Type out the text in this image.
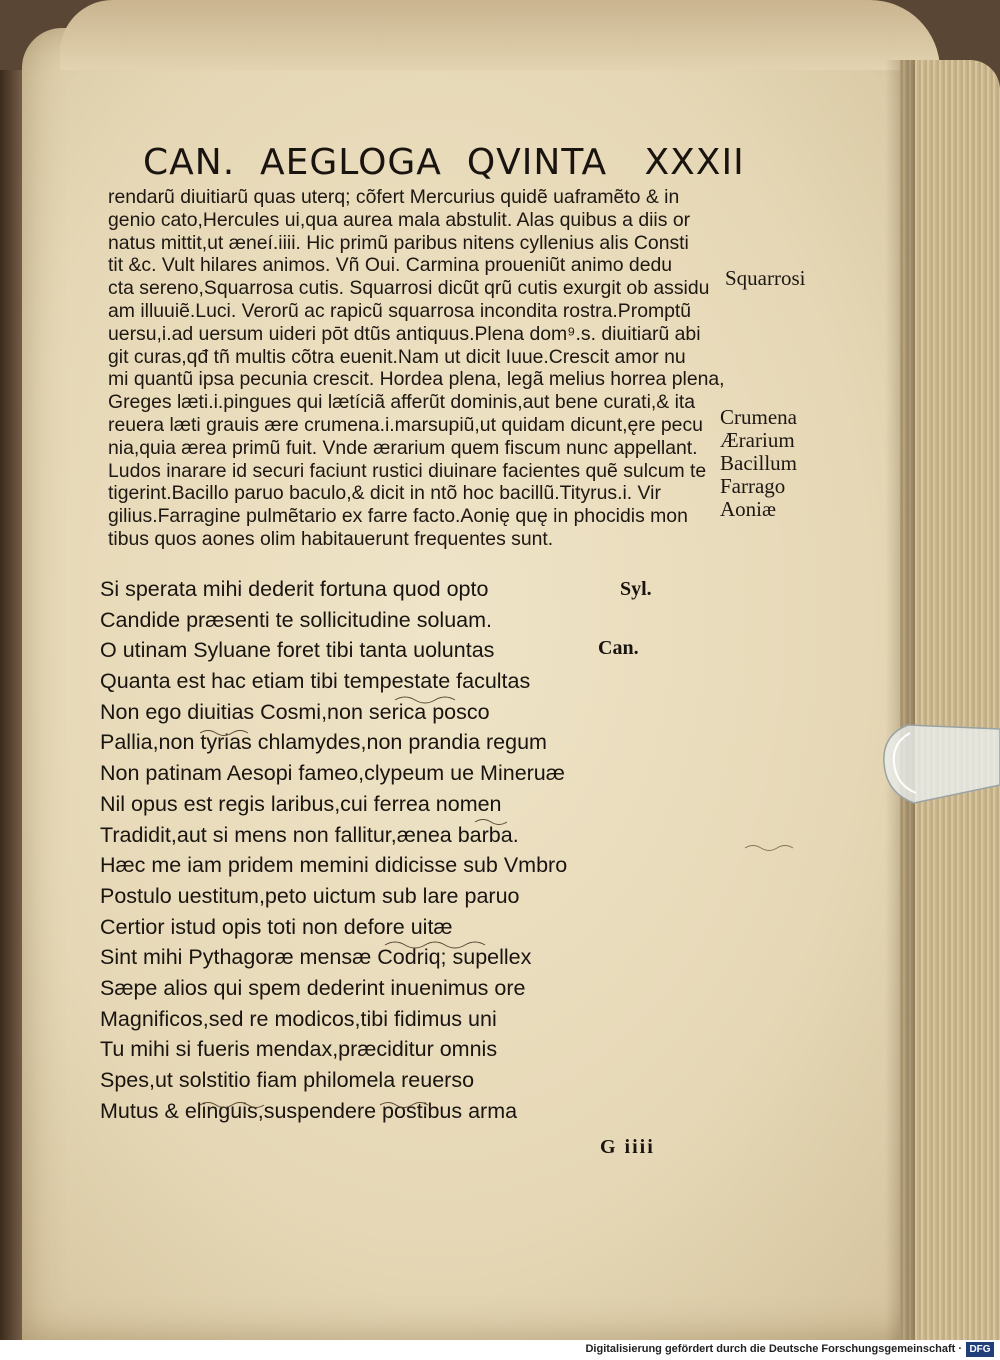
CAN.  AEGLOGA  QVINTA   XXXII
rendarũ diuitiarũ quas uterq; cõfert Mercurius quidẽ uaframẽto & in
genio cato,Hercules ui,qua aurea mala abstulit. Alas quibus a diis or
natus mittit,ut æneí.iiii. Hic primũ paribus nitens cyllenius alis Consti
tit &c. Vult hilares animos. Vñ Oui. Carmina proueniũt animo dedu
cta sereno,Squarrosa cutis. Squarrosi dicũt qrũ cutis exurgit ob assidu
am illuuiẽ.Luci. Verorũ ac rapicũ squarrosa incondita rostra.Promptũ
uersu,i.ad uersum uideri pōt dtũs antiquus.Plena dom⁹.s. diuitiarũ abi
git curas,qđ tñ multis cõtra euenit.Nam ut dicit Iuue.Crescit amor nu
mi quantũ ipsa pecunia crescit. Hordea plena, legã melius horrea plena,
Greges læti.i.pingues qui lætíciã afferũt dominis,aut bene curati,& ita
reuera læti grauis ære crumena.i.marsupiũ,ut quidam dicunt,ęre pecu
nia,quia ærea primũ fuit. Vnde ærarium quem fiscum nunc appellant.
Ludos inarare id securi faciunt rustici diuinare facientes quẽ sulcum te
tigerint.Bacillo paruo baculo,& dicit in ntõ hoc bacillũ.Tityrus.i. Vir
gilius.Farragine pulmẽtario ex farre facto.Aonię quę in phocidis mon
tibus quos aones olim habitauerunt frequentes sunt.
Squarrosi
Crumena
Ærarium
Bacillum
Farrago
Aoniæ
Si sperata mihi dederit fortuna quod opto
Candide præsenti te sollicitudine soluam.
O utinam Syluane foret tibi tanta uoluntas
Quanta est hac etiam tibi tempestate facultas
Non ego diuitias Cosmi,non serica posco
Pallia,non tyrias chlamydes,non prandia regum
Non patinam Aesopi fameo,clypeum ue Mineruæ
Nil opus est regis laribus,cui ferrea nomen
Tradidit,aut si mens non fallitur,ænea barba.
Hæc me iam pridem memini didicisse sub Vmbro
Postulo uestitum,peto uictum sub lare paruo
Certior istud opis toti non defore uitæ
Sint mihi Pythagoræ mensæ Codriq; supellex
Sæpe alios qui spem dederint inuenimus ore
Magnificos,sed re modicos,tibi fidimus uni
Tu mihi si fueris mendax,præciditur omnis
Spes,ut solstitio fiam philomela reuerso
Mutus & elinguis,suspendere postibus arma
Syl.
Can.
G iiii
Digitalisierung gefördert durch die Deutsche Forschungsgemeinschaft · DFG
